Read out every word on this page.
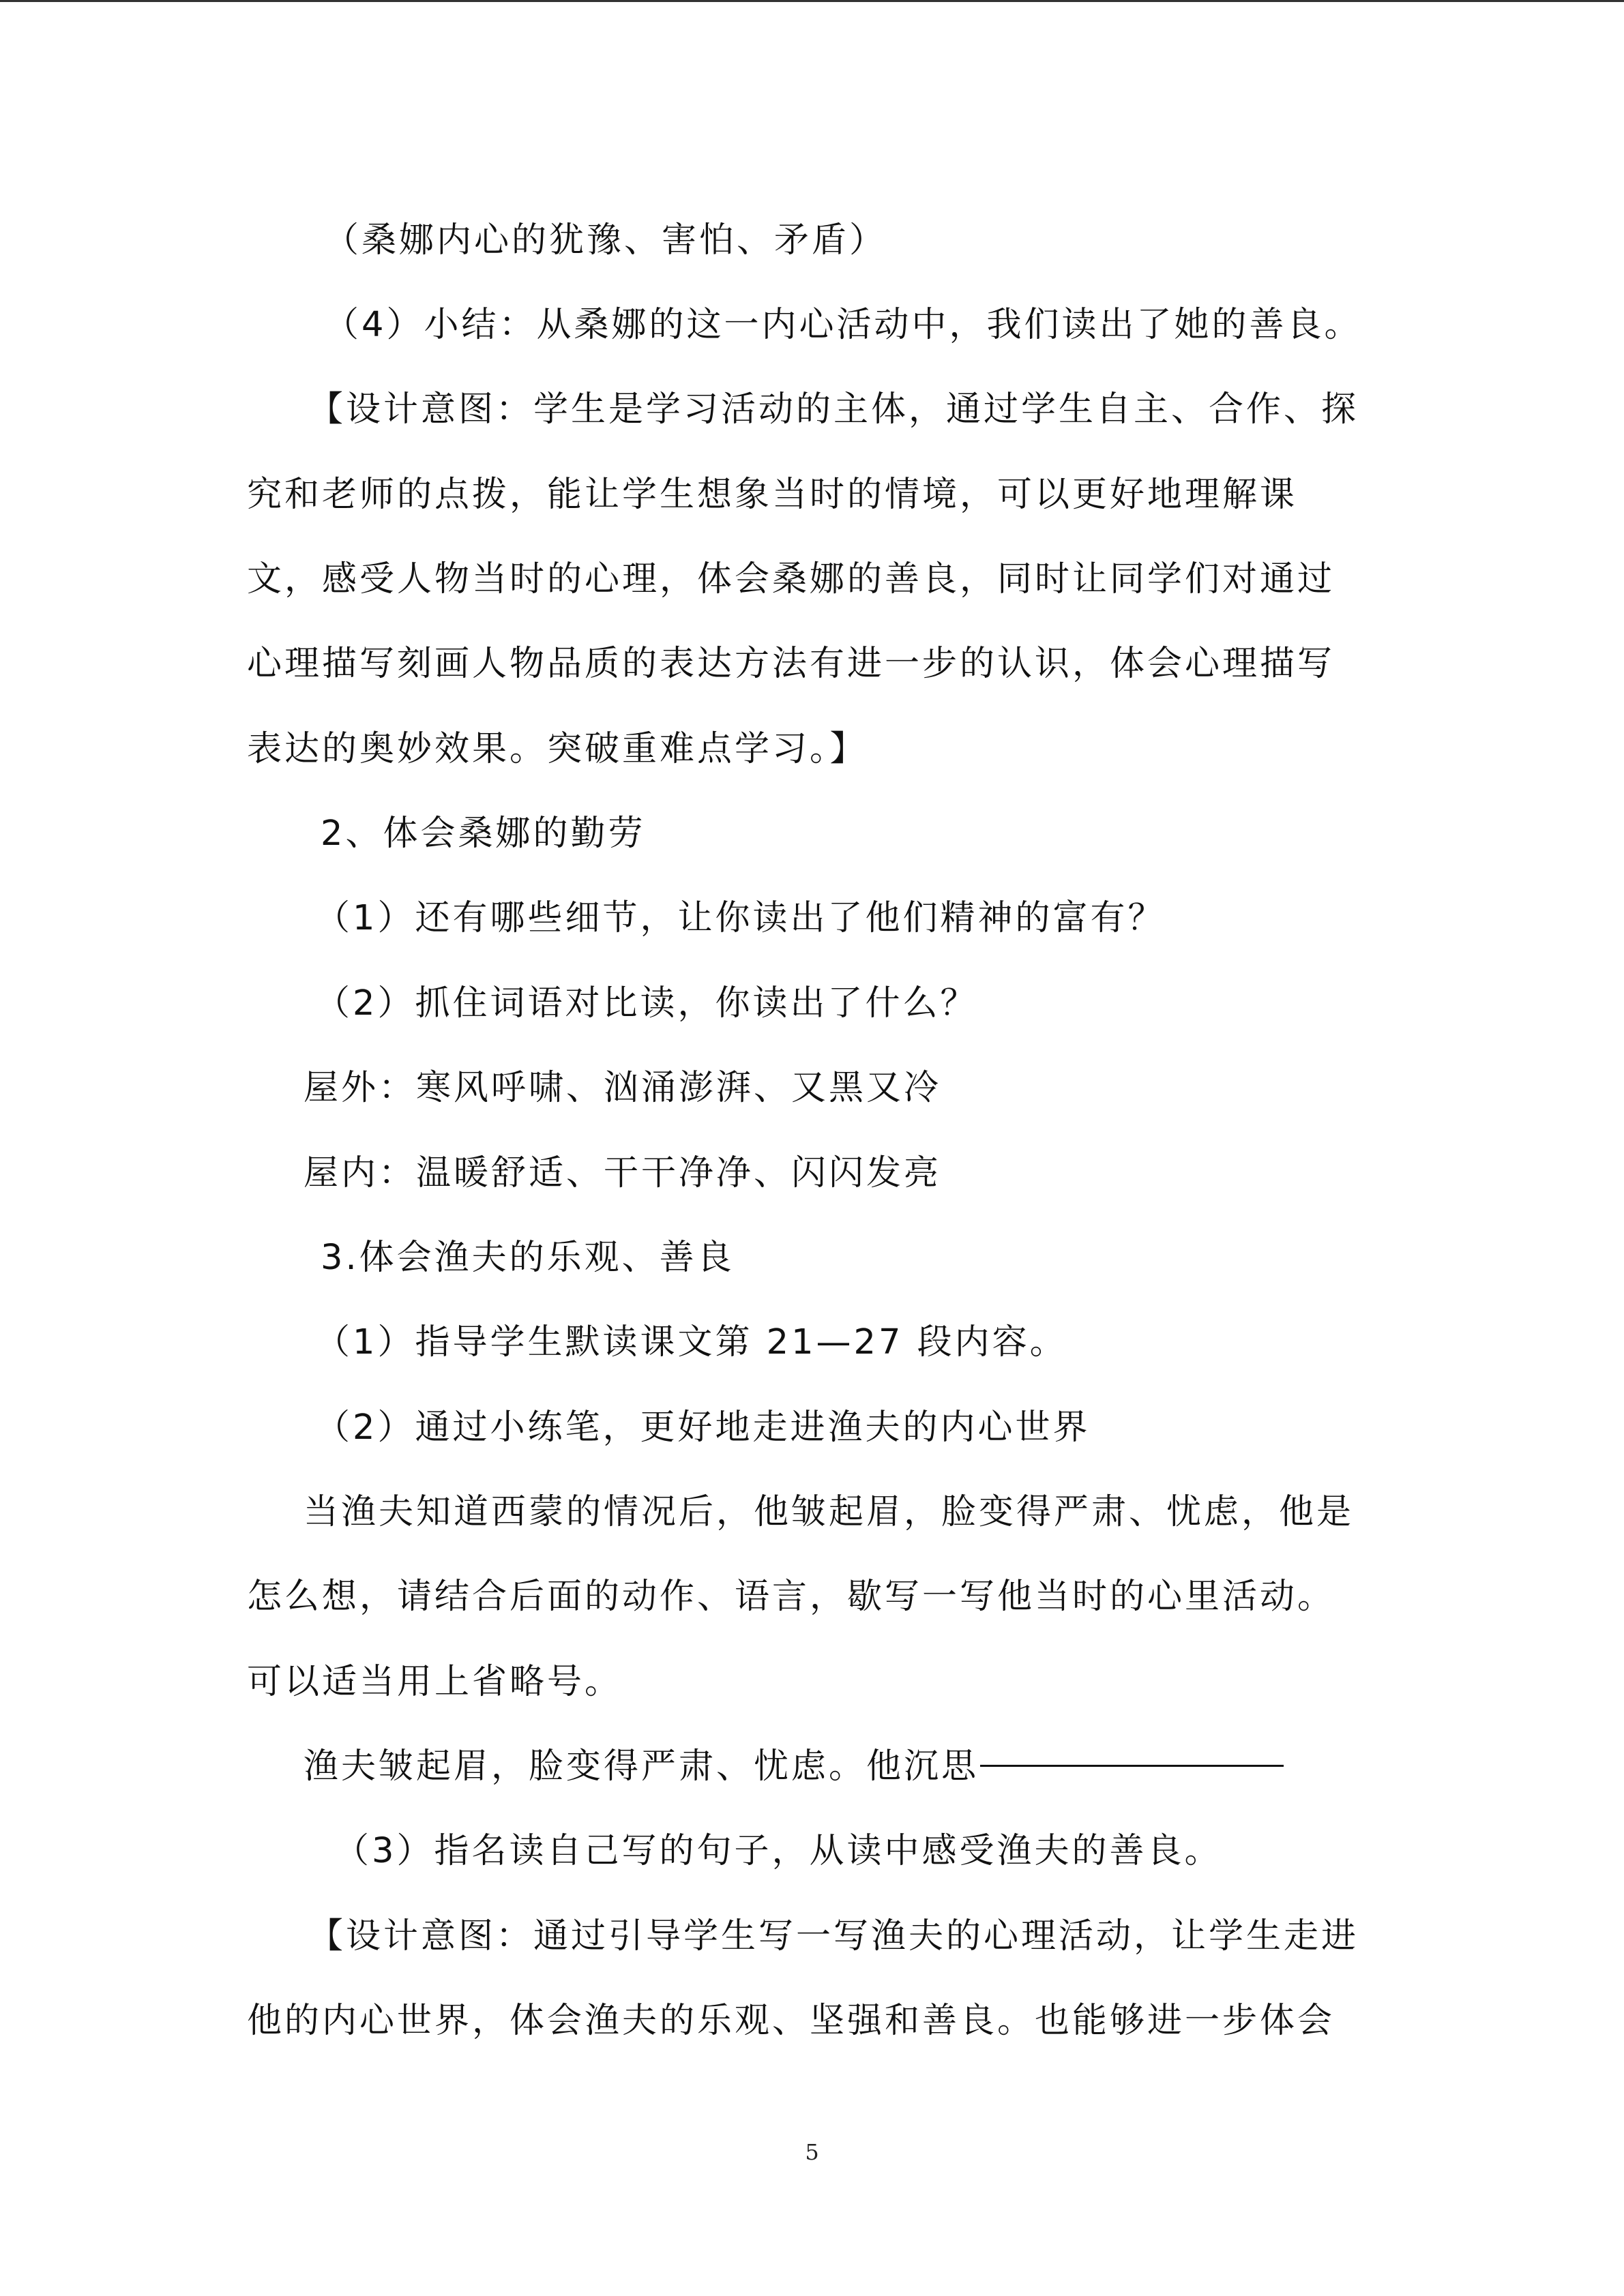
（桑娜内心的犹豫、害怕、矛盾）
（4）小结：从桑娜的这一内心活动中，我们读出了她的善良。
【设计意图：学生是学习活动的主体，通过学生自主、合作、探
究和老师的点拨，能让学生想象当时的情境，可以更好地理解课
文，感受人物当时的心理，体会桑娜的善良，同时让同学们对通过
心理描写刻画人物品质的表达方法有进一步的认识，体会心理描写
表达的奥妙效果。突破重难点学习。】
2、体会桑娜的勤劳
（1）还有哪些细节，让你读出了他们精神的富有？
（2）抓住词语对比读，你读出了什么？
屋外：寒风呼啸、汹涌澎湃、又黑又冷
屋内：温暖舒适、干干净净、闪闪发亮
3.体会渔夫的乐观、善良
（1）指导学生默读课文第 21—27 段内容。
（2）通过小练笔，更好地走进渔夫的内心世界
当渔夫知道西蒙的情况后，他皱起眉，脸变得严肃、忧虑，他是
怎么想，请结合后面的动作、语言，歇写一写他当时的心里活动。
可以适当用上省略号。
渔夫皱起眉，脸变得严肃、忧虑。他沉思
（3）指名读自己写的句子，从读中感受渔夫的善良。
【设计意图：通过引导学生写一写渔夫的心理活动，让学生走进
他的内心世界，体会渔夫的乐观、坚强和善良。也能够进一步体会
5
